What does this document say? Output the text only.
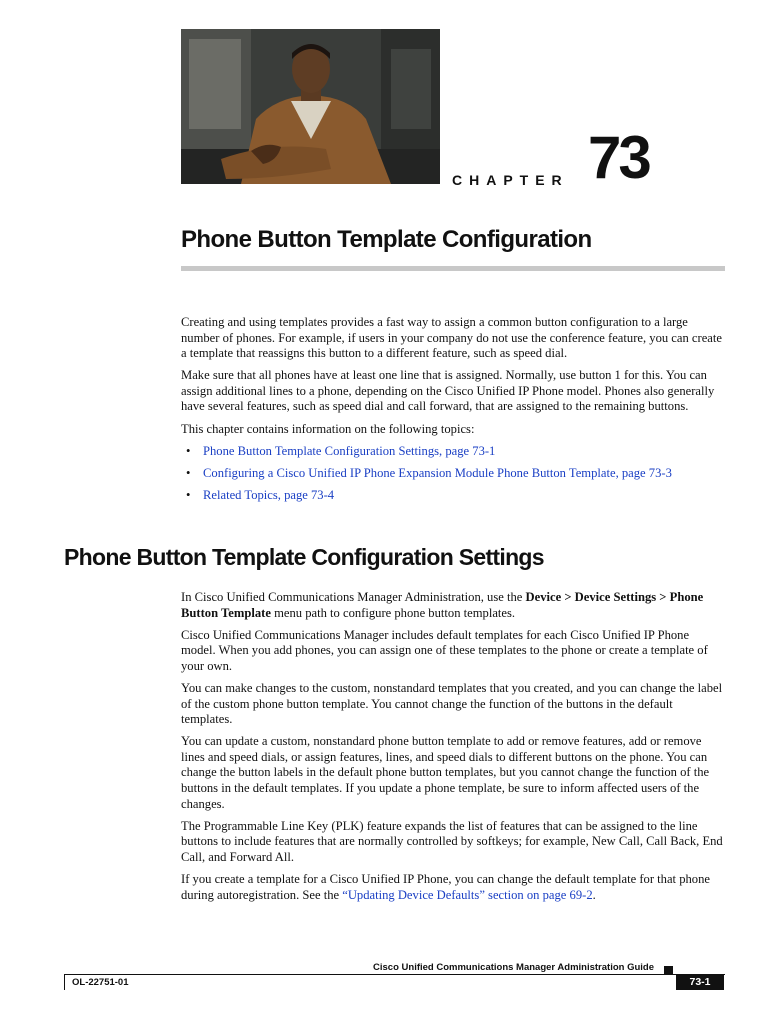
CHAPTER 73
Phone Button Template Configuration

Creating and using templates provides a fast way to assign a common button configuration to a large number of phones. For example, if users in your company do not use the conference feature, you can create a template that reassigns this button to a different feature, such as speed dial.

Make sure that all phones have at least one line that is assigned. Normally, use button 1 for this. You can assign additional lines to a phone, depending on the Cisco Unified IP Phone model. Phones also generally have several features, such as speed dial and call forward, that are assigned to the remaining buttons.

This chapter contains information on the following topics:

• Phone Button Template Configuration Settings, page 73-1
• Configuring a Cisco Unified IP Phone Expansion Module Phone Button Template, page 73-3
• Related Topics, page 73-4
Phone Button Template Configuration Settings

In Cisco Unified Communications Manager Administration, use the Device > Device Settings > Phone Button Template menu path to configure phone button templates.

Cisco Unified Communications Manager includes default templates for each Cisco Unified IP Phone model. When you add phones, you can assign one of these templates to the phone or create a template of your own.

You can make changes to the custom, nonstandard templates that you created, and you can change the label of the custom phone button template. You cannot change the function of the buttons in the default templates.

You can update a custom, nonstandard phone button template to add or remove features, add or remove lines and speed dials, or assign features, lines, and speed dials to different buttons on the phone. You can change the button labels in the default phone button templates, but you cannot change the function of the buttons in the default templates. If you update a phone template, be sure to inform affected users of the changes.

The Programmable Line Key (PLK) feature expands the list of features that can be assigned to the line buttons to include features that are normally controlled by softkeys; for example, New Call, Call Back, End Call, and Forward All.

If you create a template for a Cisco Unified IP Phone, you can change the default template for that phone during autoregistration. See the “Updating Device Defaults” section on page 69-2.

Cisco Unified Communications Manager Administration Guide
OL-22751-01	73-1
